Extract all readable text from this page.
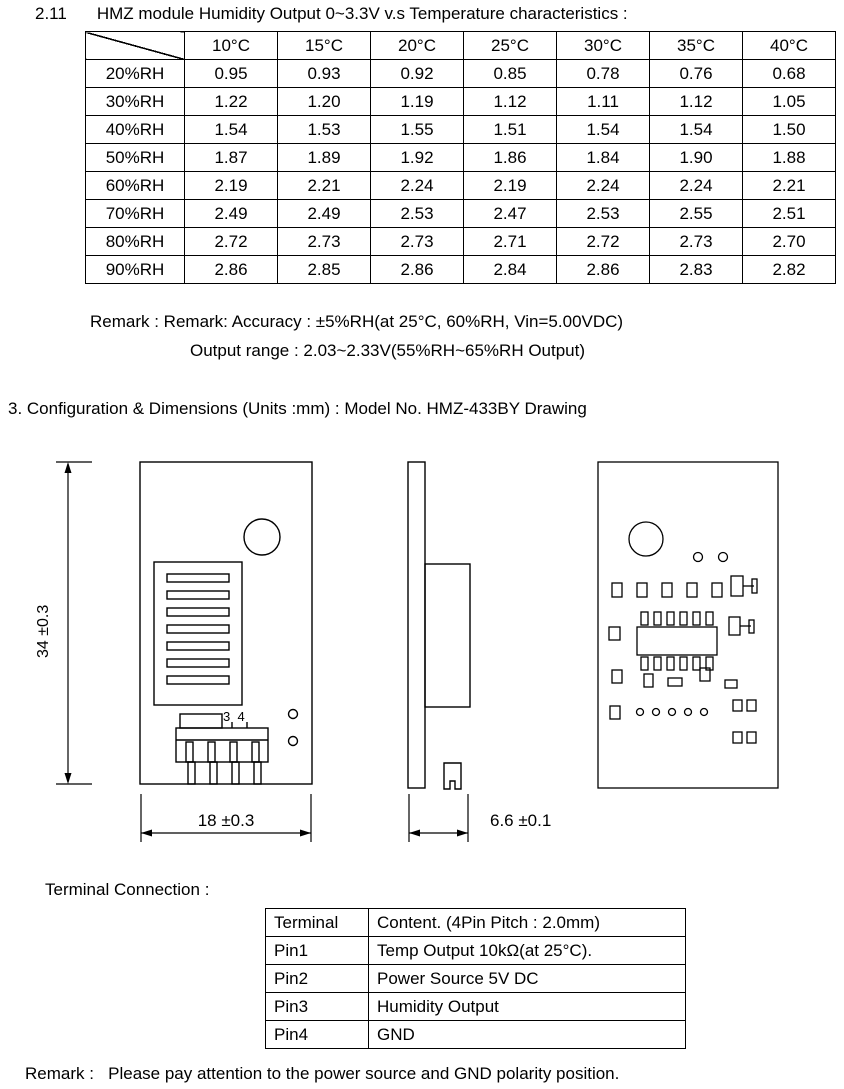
2.11 HMZ module Humidity Output 0~3.3V v.s Temperature characteristics :
	10°C	15°C	20°C	25°C	30°C	35°C	40°C
20%RH	0.95	0.93	0.92	0.85	0.78	0.76	0.68
30%RH	1.22	1.20	1.19	1.12	1.11	1.12	1.05
40%RH	1.54	1.53	1.55	1.51	1.54	1.54	1.50
50%RH	1.87	1.89	1.92	1.86	1.84	1.90	1.88
60%RH	2.19	2.21	2.24	2.19	2.24	2.24	2.21
70%RH	2.49	2.49	2.53	2.47	2.53	2.55	2.51
80%RH	2.72	2.73	2.73	2.71	2.72	2.73	2.70
90%RH	2.86	2.85	2.86	2.84	2.86	2.83	2.82
Remark : Remark: Accuracy : ±5%RH(at 25°C, 60%RH, Vin=5.00VDC)
Output range : 2.03~2.33V(55%RH~65%RH Output)
3. Configuration & Dimensions (Units :mm) : Model No. HMZ-433BY Drawing
3  4
34 ±0.3
18 ±0.3	6.6 ±0.1
Terminal Connection :
Terminal	Content. (4Pin Pitch : 2.0mm)
Pin1	Temp Output 10kΩ(at 25°C).
Pin2	Power Source 5V DC
Pin3	Humidity Output
Pin4	GND
Remark :   Please pay attention to the power source and GND polarity position.
